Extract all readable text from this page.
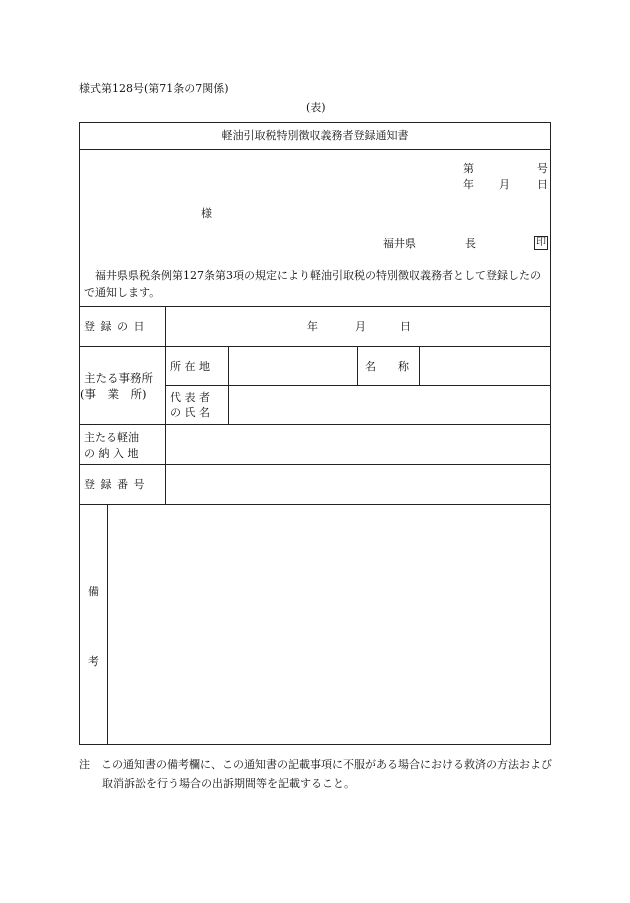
様式第128号(第71条の7関係)
(表)
軽油引取税特別徴収義務者登録通知書
第	号
年 月 日
様
福井県	長	印
福井県県税条例第127条第3項の規定により軽油引取税の特別徴収義務者として登録したので通知します。
登 録 の 日	年	月	日
主たる事務所
(事　業　所)
所 在 地	名　　称
代 表 者
の 氏 名
主たる軽油
の 納 入 地
登 録 番 号
備
考
注　この通知書の備考欄に、この通知書の記載事項に不服がある場合における救済の方法および取消訴訟を行う場合の出訴期間等を記載すること。
